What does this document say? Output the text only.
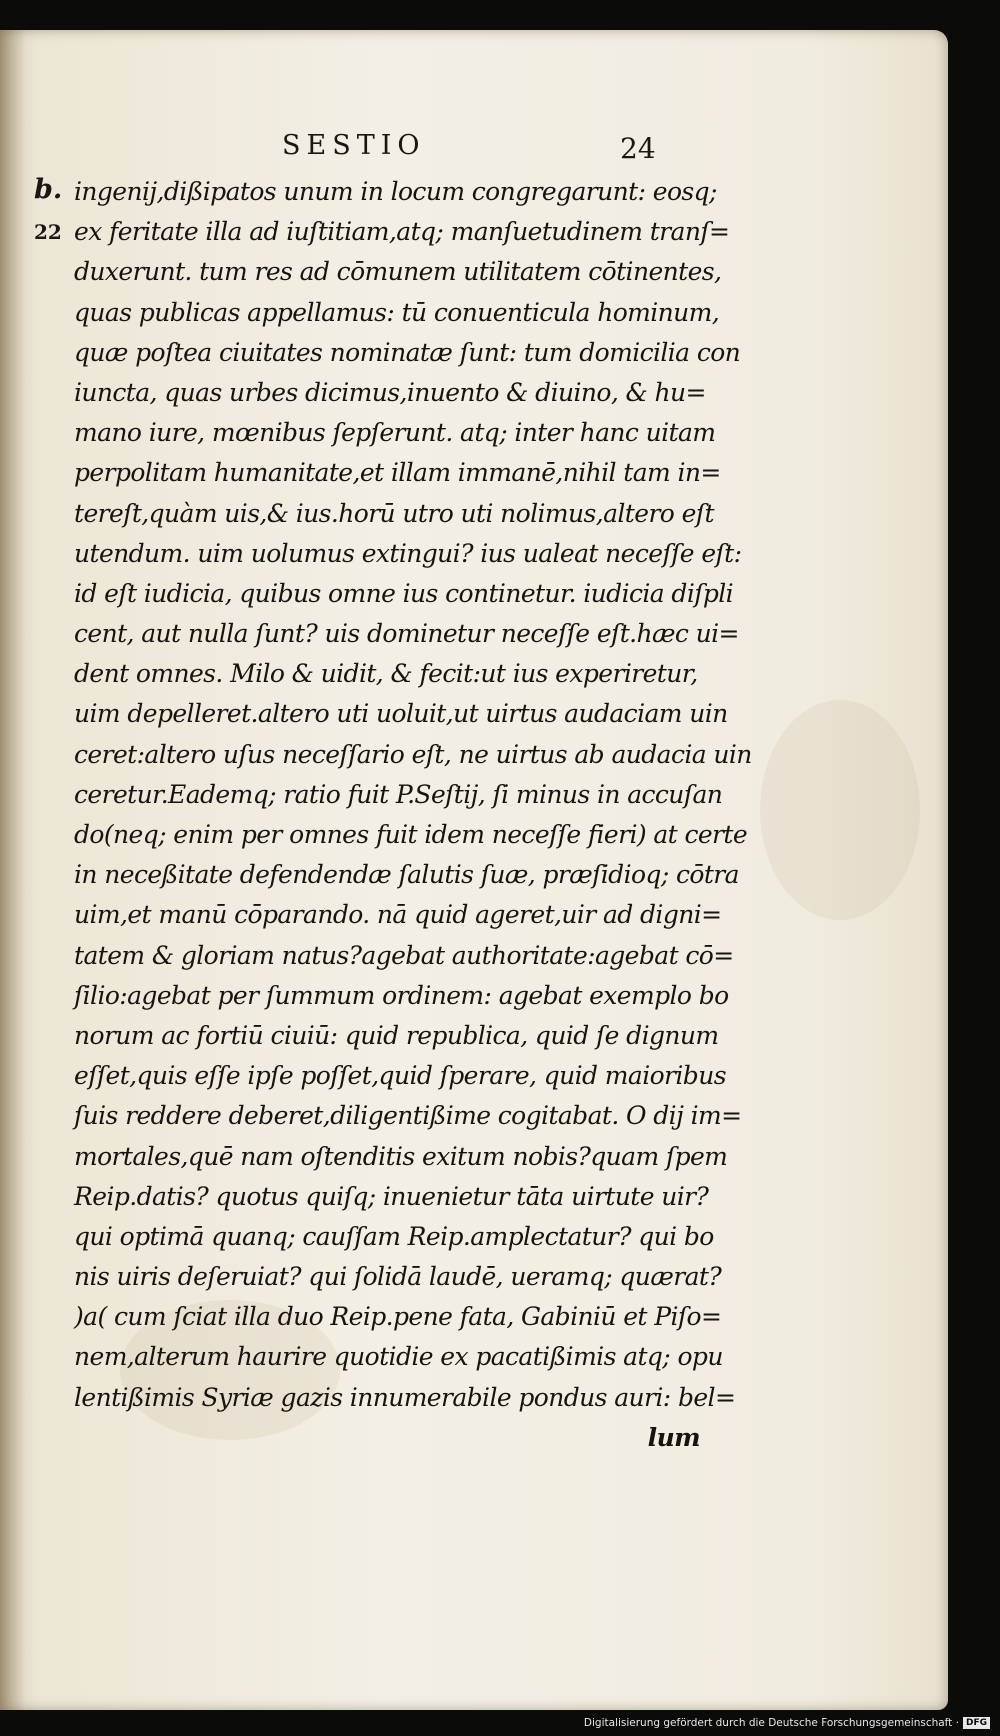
SESTIO	24
b.
22
ingenij,dißipatos unum in locum congregarunt: eosq;
ex feritate illa ad iuſtitiam,atq; manſuetudinem tranſ=
duxerunt. tum res ad cōmunem utilitatem cōtinentes,
quas publicas appellamus: tū conuenticula hominum,
quæ poſtea ciuitates nominatæ ſunt: tum domicilia con
iuncta, quas urbes dicimus,inuento & diuino, & hu=
mano iure, mœnibus ſepſerunt. atq; inter hanc uitam
perpolitam humanitate,et illam immanē,nihil tam in=
tereſt,quàm uis,& ius.horū utro uti nolimus,altero eſt
utendum. uim uolumus extingui? ius ualeat neceſſe eſt:
id eſt iudicia, quibus omne ius continetur. iudicia diſpli
cent, aut nulla ſunt? uis dominetur neceſſe eſt.hæc ui=
dent omnes. Milo & uidit, & fecit:ut ius experiretur,
uim depelleret.altero uti uoluit,ut uirtus audaciam uin
ceret:altero uſus neceſſario eſt, ne uirtus ab audacia uin
ceretur.Eademq; ratio fuit P.Seſtij, ſi minus in accuſan
do(neq; enim per omnes fuit idem neceſſe fieri) at certe
in neceßitate defendendæ ſalutis ſuæ, præſidioq; cōtra
uim,et manū cōparando. nā quid ageret,uir ad digni=
tatem & gloriam natus?agebat authoritate:agebat cō=
ſilio:agebat per ſummum ordinem: agebat exemplo bo
norum ac fortiū ciuiū: quid republica, quid ſe dignum
eſſet,quis eſſe ipſe poſſet,quid ſperare, quid maioribus
ſuis reddere deberet,diligentißime cogitabat. O dij im=
mortales,quē nam oſtenditis exitum nobis?quam ſpem
Reip.datis? quotus quiſq; inuenietur tāta uirtute uir?
qui optimā quanq; cauſſam Reip.amplectatur? qui bo
nis uiris deſeruiat? qui ſolidā laudē, ueramq; quærat?
)a( cum ſciat illa duo Reip.pene fata, Gabiniū et Piſo=
nem,alterum haurire quotidie ex pacatißimis atq; opu
lentißimis Syriæ gazis innumerabile pondus auri: bel=
lum
Digitalisierung gefördert durch die Deutsche Forschungsgemeinschaft · DFG
